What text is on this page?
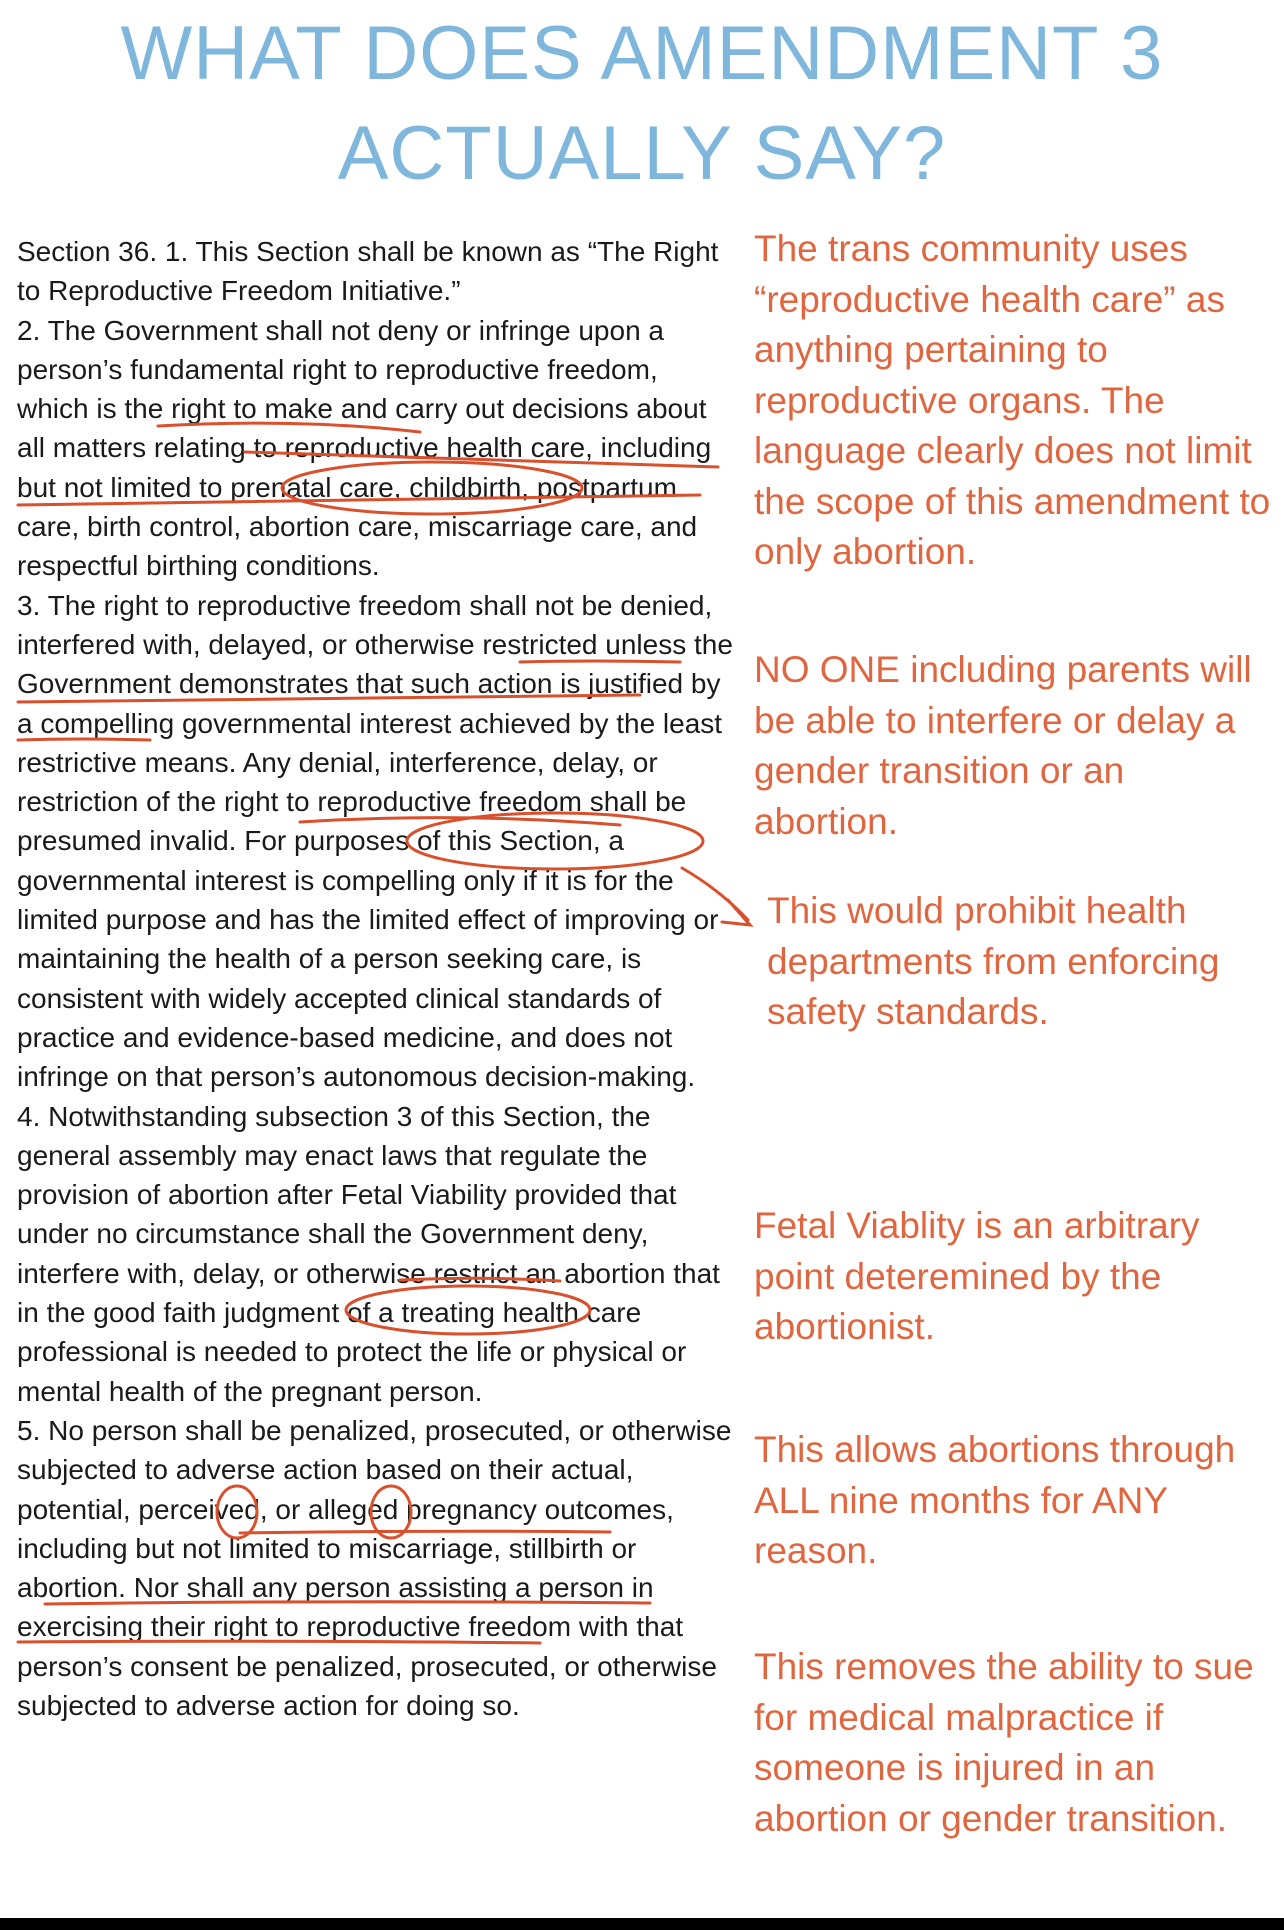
WHAT DOES AMENDMENT 3
ACTUALLY SAY?

Section 36. 1. This Section shall be known as “The Right to Reproductive Freedom Initiative.”

2. The Government shall not deny or infringe upon a person’s fundamental right to reproductive freedom, which is the right to make and carry out decisions about all matters relating to reproductive health care, including but not limited to prenatal care, childbirth, postpartum care, birth control, abortion care, miscarriage care, and respectful birthing conditions.

3. The right to reproductive freedom shall not be denied, interfered with, delayed, or otherwise restricted unless the Government demonstrates that such action is justified by a compelling governmental interest achieved by the least restrictive means. Any denial, interference, delay, or restriction of the right to reproductive freedom shall be presumed invalid. For purposes of this Section, a governmental interest is compelling only if it is for the limited purpose and has the limited effect of improving or maintaining the health of a person seeking care, is consistent with widely accepted clinical standards of practice and evidence-based medicine, and does not infringe on that person’s autonomous decision-making.

4. Notwithstanding subsection 3 of this Section, the general assembly may enact laws that regulate the provision of abortion after Fetal Viability provided that under no circumstance shall the Government deny, interfere with, delay, or otherwise restrict an abortion that in the good faith judgment of a treating health care professional is needed to protect the life or physical or mental health of the pregnant person.

5. No person shall be penalized, prosecuted, or otherwise subjected to adverse action based on their actual, potential, perceived, or alleged pregnancy outcomes, including but not limited to miscarriage, stillbirth or abortion. Nor shall any person assisting a person in exercising their right to reproductive freedom with that person’s consent be penalized, prosecuted, or otherwise subjected to adverse action for doing so.

The trans community uses “reproductive health care” as anything pertaining to reproductive organs. The language clearly does not limit the scope of this amendment to only abortion.

NO ONE including parents will be able to interfere or delay a gender transition or an abortion.

This would prohibit health departments from enforcing safety standards.

Fetal Viablity is an arbitrary point deteremined by the abortionist.

This allows abortions through ALL nine months for ANY reason.

This removes the ability to sue for medical malpractice if someone is injured in an abortion or gender transition.
